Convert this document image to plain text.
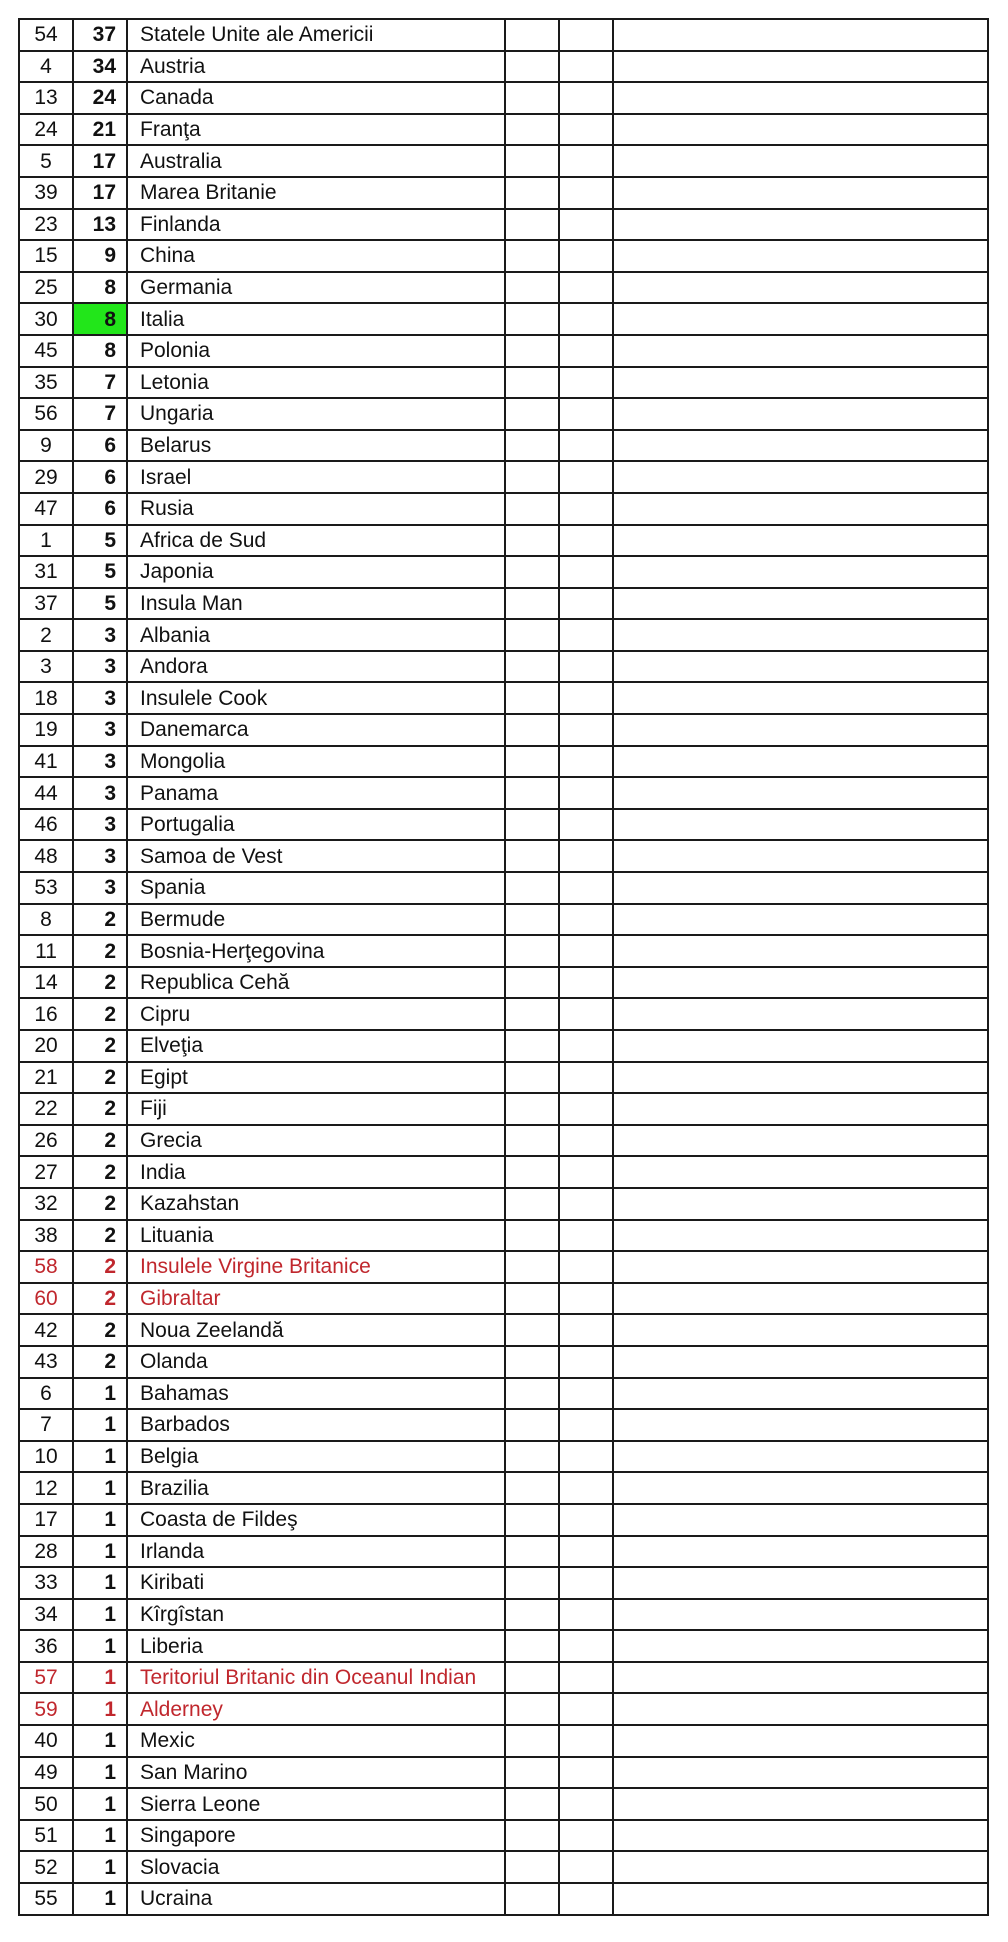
54	37	Statele Unite ale Americii			
4	34	Austria			
13	24	Canada			
24	21	Franţa			
5	17	Australia			
39	17	Marea Britanie			
23	13	Finlanda			
15	9	China			
25	8	Germania			
30	8	Italia			
45	8	Polonia			
35	7	Letonia			
56	7	Ungaria			
9	6	Belarus			
29	6	Israel			
47	6	Rusia			
1	5	Africa de Sud			
31	5	Japonia			
37	5	Insula Man			
2	3	Albania			
3	3	Andora			
18	3	Insulele Cook			
19	3	Danemarca			
41	3	Mongolia			
44	3	Panama			
46	3	Portugalia			
48	3	Samoa de Vest			
53	3	Spania			
8	2	Bermude			
11	2	Bosnia-Herţegovina			
14	2	Republica Cehă			
16	2	Cipru			
20	2	Elveţia			
21	2	Egipt			
22	2	Fiji			
26	2	Grecia			
27	2	India			
32	2	Kazahstan			
38	2	Lituania			
58	2	Insulele Virgine Britanice			
60	2	Gibraltar			
42	2	Noua Zeelandă			
43	2	Olanda			
6	1	Bahamas			
7	1	Barbados			
10	1	Belgia			
12	1	Brazilia			
17	1	Coasta de Fildeş			
28	1	Irlanda			
33	1	Kiribati			
34	1	Kîrgîstan			
36	1	Liberia			
57	1	Teritoriul Britanic din Oceanul Indian			
59	1	Alderney			
40	1	Mexic			
49	1	San Marino			
50	1	Sierra Leone			
51	1	Singapore			
52	1	Slovacia			
55	1	Ucraina			
